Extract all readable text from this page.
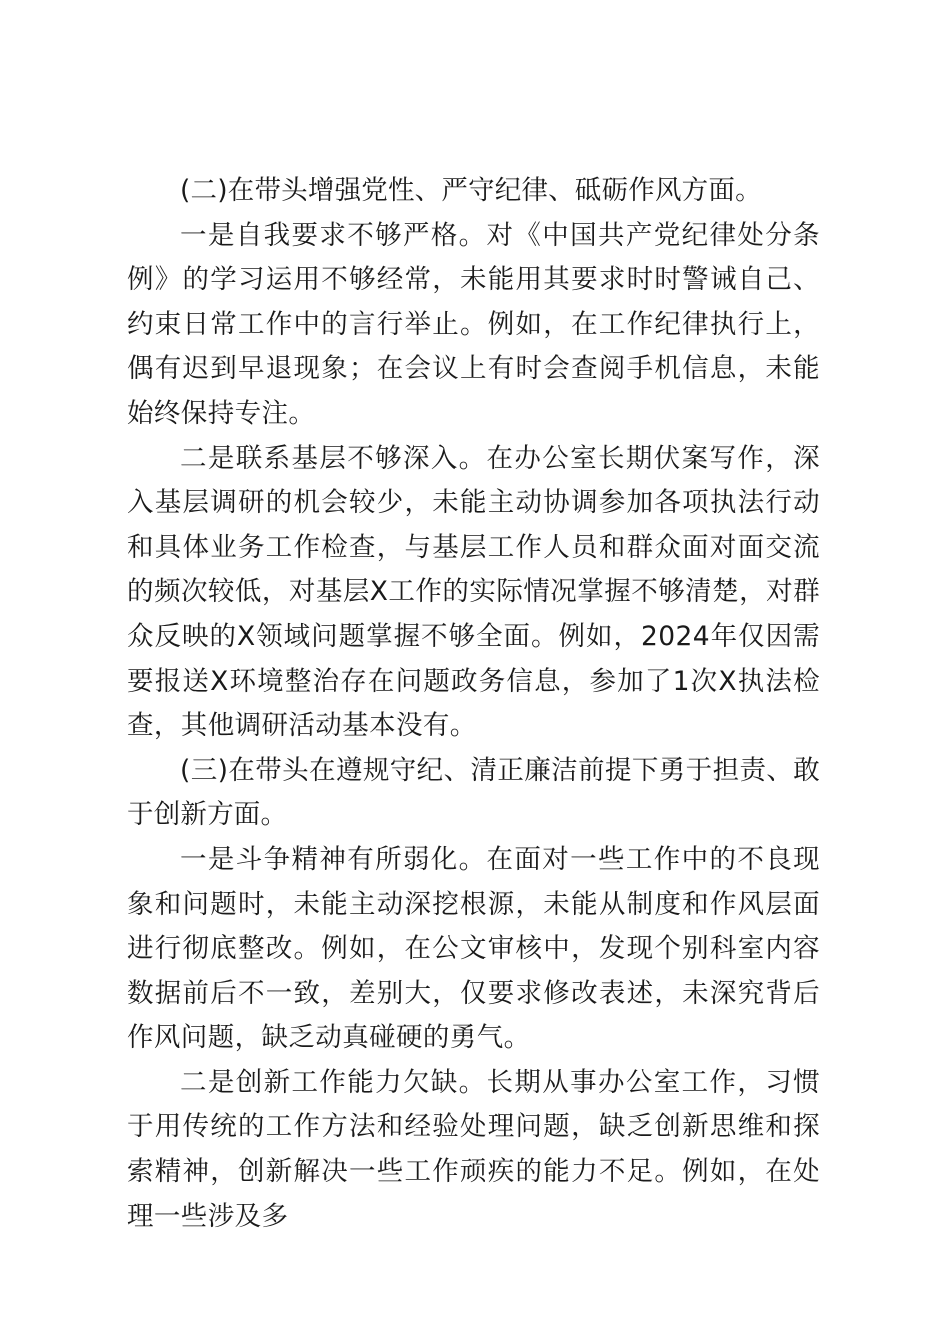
(二)在带头增强党性、严守纪律、砥砺作风方面。

一是自我要求不够严格。对《中国共产党纪律处分条例》的学习运用不够经常，未能用其要求时时警诫自己、约束日常工作中的言行举止。例如，在工作纪律执行上，偶有迟到早退现象；在会议上有时会查阅手机信息，未能始终保持专注。

二是联系基层不够深入。在办公室长期伏案写作，深入基层调研的机会较少，未能主动协调参加各项执法行动和具体业务工作检查，与基层工作人员和群众面对面交流的频次较低，对基层X工作的实际情况掌握不够清楚，对群众反映的X领域问题掌握不够全面。例如，2024年仅因需要报送X环境整治存在问题政务信息，参加了1次X执法检查，其他调研活动基本没有。

(三)在带头在遵规守纪、清正廉洁前提下勇于担责、敢于创新方面。

一是斗争精神有所弱化。在面对一些工作中的不良现象和问题时，未能主动深挖根源，未能从制度和作风层面进行彻底整改。例如，在公文审核中，发现个别科室内容数据前后不一致，差别大，仅要求修改表述，未深究背后作风问题，缺乏动真碰硬的勇气。

二是创新工作能力欠缺。长期从事办公室工作，习惯于用传统的工作方法和经验处理问题，缺乏创新思维和探索精神，创新解决一些工作顽疾的能力不足。例如，在处理一些涉及多
